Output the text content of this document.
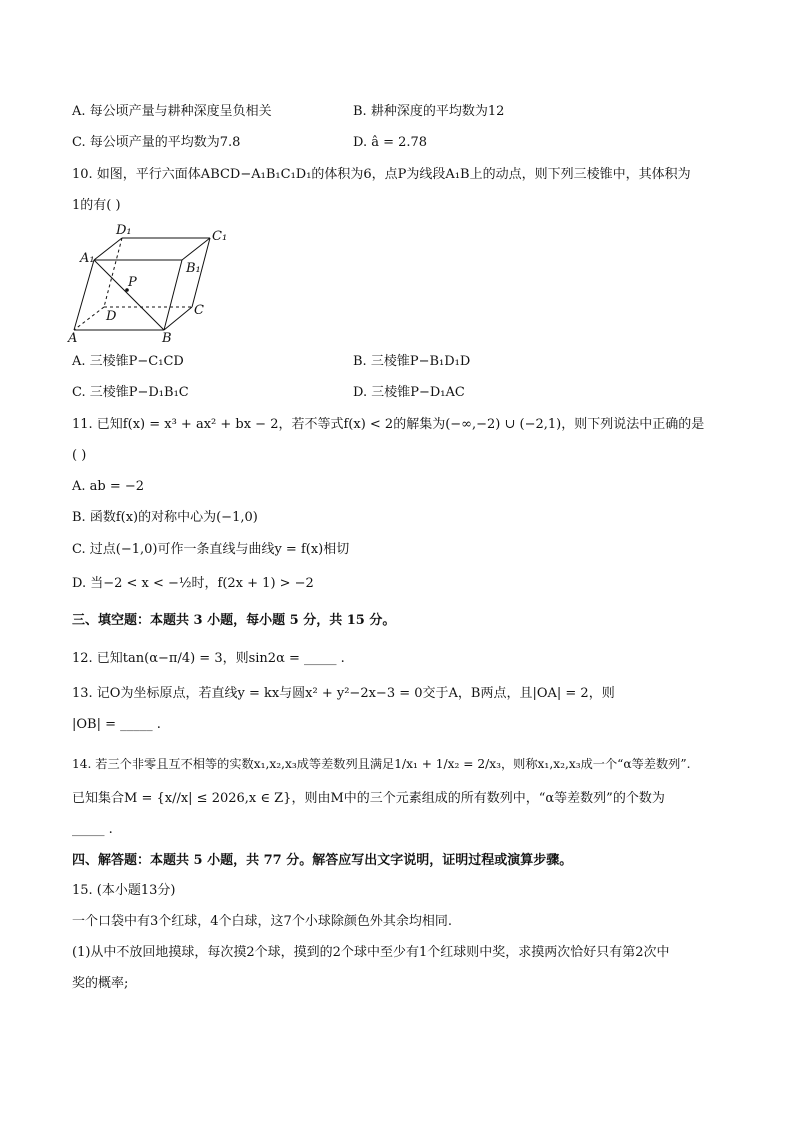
A. 每公顷产量与耕种深度呈负相关	B. 耕种深度的平均数为12
C. 每公顷产量的平均数为7.8	D. â = 2.78
10. 如图，平行六面体ABCD−A₁B₁C₁D₁的体积为6，点P为线段A₁B上的动点，则下列三棱锥中，其体积为
1的有( )
D₁	C₁
A₁
B₁
P
D	C
A	B
A. 三棱锥P−C₁CD	B. 三棱锥P−B₁D₁D
C. 三棱锥P−D₁B₁C	D. 三棱锥P−D₁AC
11. 已知f(x) = x³ + ax² + bx − 2，若不等式f(x) < 2的解集为(−∞,−2) ∪ (−2,1)，则下列说法中正确的是
( )
A. ab = −2
B. 函数f(x)的对称中心为(−1,0)
C. 过点(−1,0)可作一条直线与曲线y = f(x)相切
D. 当−2 < x < −½时，f(2x + 1) > −2
三、填空题：本题共 3 小题，每小题 5 分，共 15 分。
12. 已知tan(α−π/4) = 3，则sin2α = _____ .
13. 记O为坐标原点，若直线y = kx与圆x² + y²−2x−3 = 0交于A，B两点，且|OA| = 2，则
|OB| = _____ .
14. 若三个非零且互不相等的实数x₁,x₂,x₃成等差数列且满足1/x₁ + 1/x₂ = 2/x₃，则称x₁,x₂,x₃成一个“α等差数列”.
已知集合M = {x//x| ≤ 2026,x ∈ Z}，则由M中的三个元素组成的所有数列中，“α等差数列”的个数为
_____ .
四、解答题：本题共 5 小题，共 77 分。解答应写出文字说明，证明过程或演算步骤。
15. (本小题13分)
一个口袋中有3个红球，4个白球，这7个小球除颜色外其余均相同.
(1)从中不放回地摸球，每次摸2个球，摸到的2个球中至少有1个红球则中奖，求摸两次恰好只有第2次中
奖的概率;
